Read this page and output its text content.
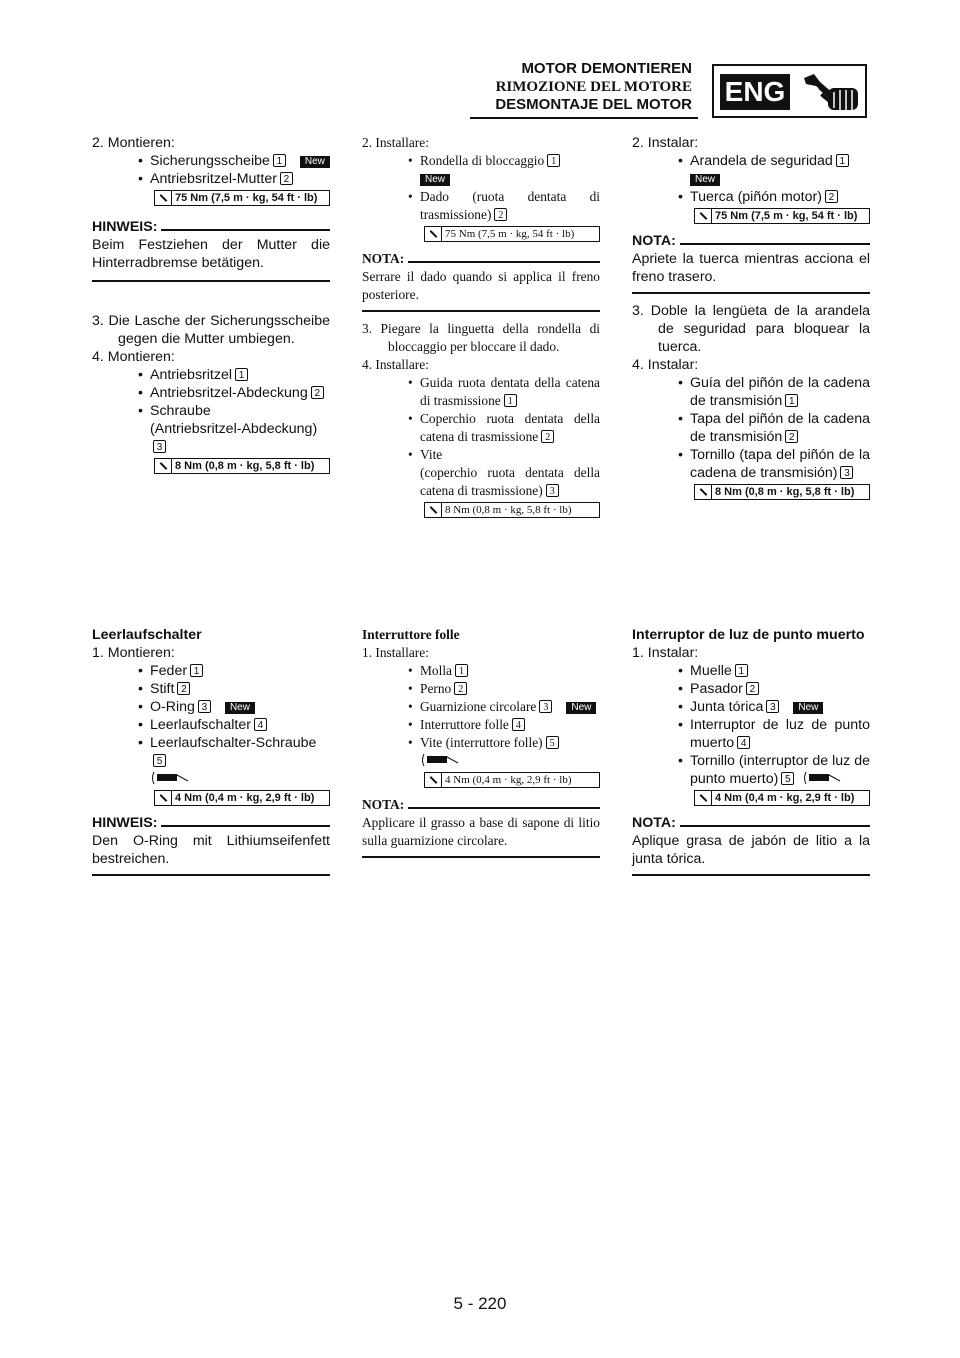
MOTOR DEMONTIEREN
RIMOZIONE DEL MOTORE
DESMONTAJE DEL MOTOR ENG

2. Montieren:

• Sicherungsscheibe 1 New

• Antriebsritzel-Mutter 2

75 Nm (7,5 m · kg, 54 ft · lb)

HINWEIS:

Beim Festziehen der Mutter die Hinterradbremse betätigen.

3. Die Lasche der Sicherungsscheibe gegen die Mutter umbiegen.

4. Montieren:

• Antriebsritzel 1

• Antriebsritzel-Abdeckung 2

• Schraube

(Antriebsritzel-Abdeckung)3

8 Nm (0,8 m · kg, 5,8 ft · lb)

Leerlaufschalter

1. Montieren:

• Feder 1

• Stift 2

• O-Ring 3 New

• Leerlaufschalter 4

• Leerlaufschalter-Schraube5

4 Nm (0,4 m · kg, 2,9 ft · lb)

HINWEIS:

Den O-Ring mit Lithiumseifenfett bestreichen.

2. Installare:

• Rondella di bloccaggio 1

New

• Dado (ruota dentata di trasmissione) 2

75 Nm (7,5 m · kg, 54 ft · lb)

NOTA:

Serrare il dado quando si applica il freno posteriore.

3. Piegare la linguetta della rondella di bloccaggio per bloccare il dado.

4. Installare:

• Guida ruota dentata della catena di trasmissione 1

• Coperchio ruota dentata della catena di trasmissione 2

• Vite

(coperchio ruota dentata della catena di trasmissione) 3

8 Nm (0,8 m · kg, 5,8 ft · lb)

Interruttore folle

1. Installare:

• Molla 1

• Perno 2

• Guarnizione circolare 3 New

• Interruttore folle 4

• Vite (interruttore folle) 5

4 Nm (0,4 m · kg, 2,9 ft · lb)

NOTA:

Applicare il grasso a base di sapone di litio sulla guarnizione circolare.

2. Instalar:

• Arandela de seguridad 1

New

• Tuerca (piñón motor) 2

75 Nm (7,5 m · kg, 54 ft · lb)

NOTA:

Apriete la tuerca mientras acciona el freno trasero.

3. Doble la lengüeta de la arandela de seguridad para bloquear la tuerca.

4. Instalar:

• Guía del piñón de la cadena de transmisión 1

• Tapa del piñón de la cadena de transmisión 2

• Tornillo (tapa del piñón de la cadena de transmisión) 3

8 Nm (0,8 m · kg, 5,8 ft · lb)

Interruptor de luz de punto muerto

1. Instalar:

• Muelle 1

• Pasador 2

• Junta tórica 3 New

• Interruptor de luz de punto muerto 4

• Tornillo (interruptor de luz de punto muerto) 5

4 Nm (0,4 m · kg, 2,9 ft · lb)

NOTA:

Aplique grasa de jabón de litio a la junta tórica.

5 - 220
